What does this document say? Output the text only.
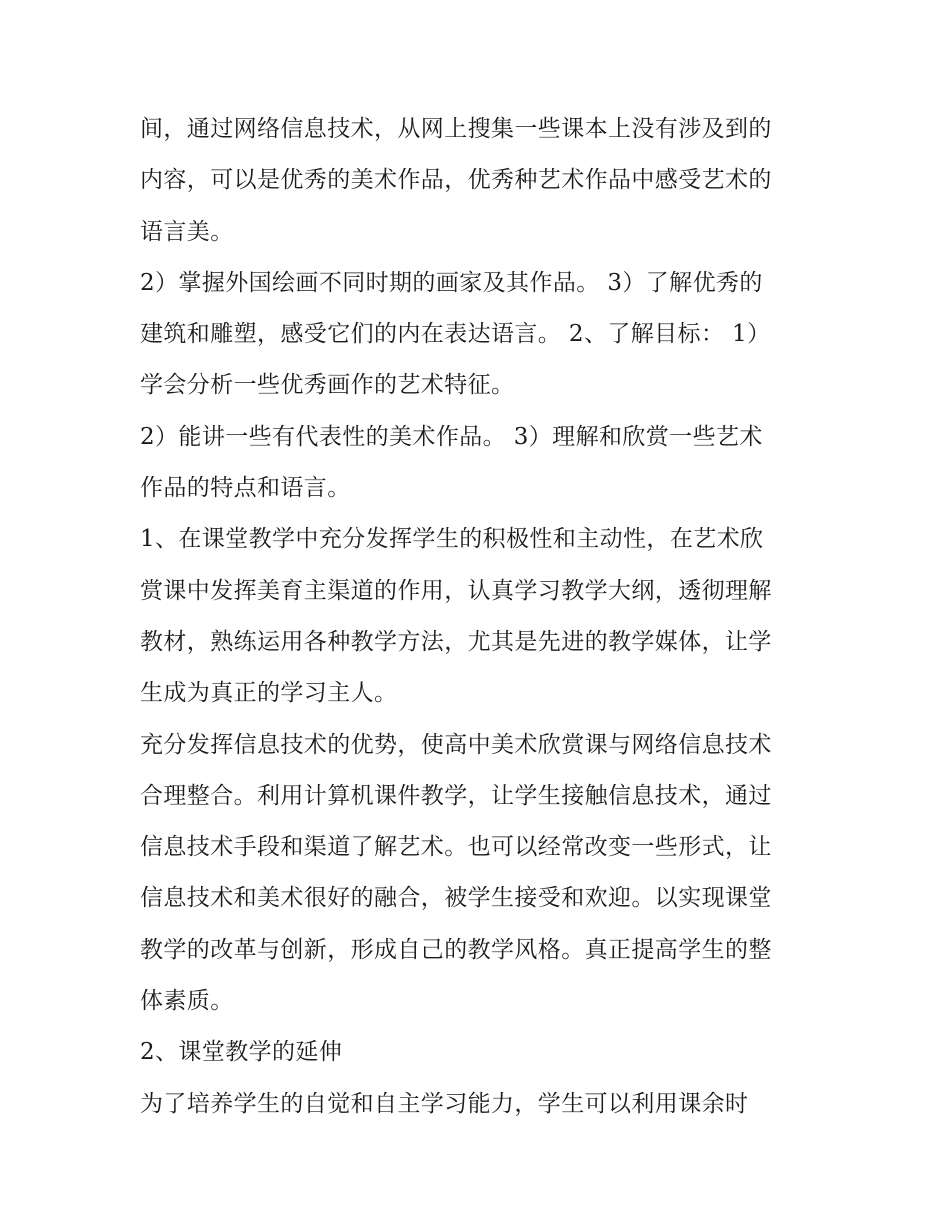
间，通过网络信息技术，从网上搜集一些课本上没有涉及到的
内容，可以是优秀的美术作品，优秀种艺术作品中感受艺术的
语言美。
2）掌握外国绘画不同时期的画家及其作品。 3）了解优秀的
建筑和雕塑，感受它们的内在表达语言。 2、了解目标： 1）
学会分析一些优秀画作的艺术特征。
2）能讲一些有代表性的美术作品。 3）理解和欣赏一些艺术
作品的特点和语言。
1、在课堂教学中充分发挥学生的积极性和主动性，在艺术欣
赏课中发挥美育主渠道的作用，认真学习教学大纲，透彻理解
教材，熟练运用各种教学方法，尤其是先进的教学媒体，让学
生成为真正的学习主人。
充分发挥信息技术的优势，使高中美术欣赏课与网络信息技术
合理整合。利用计算机课件教学，让学生接触信息技术，通过
信息技术手段和渠道了解艺术。也可以经常改变一些形式，让
信息技术和美术很好的融合，被学生接受和欢迎。以实现课堂
教学的改革与创新，形成自己的教学风格。真正提高学生的整
体素质。
2、课堂教学的延伸
为了培养学生的自觉和自主学习能力，学生可以利用课余时
